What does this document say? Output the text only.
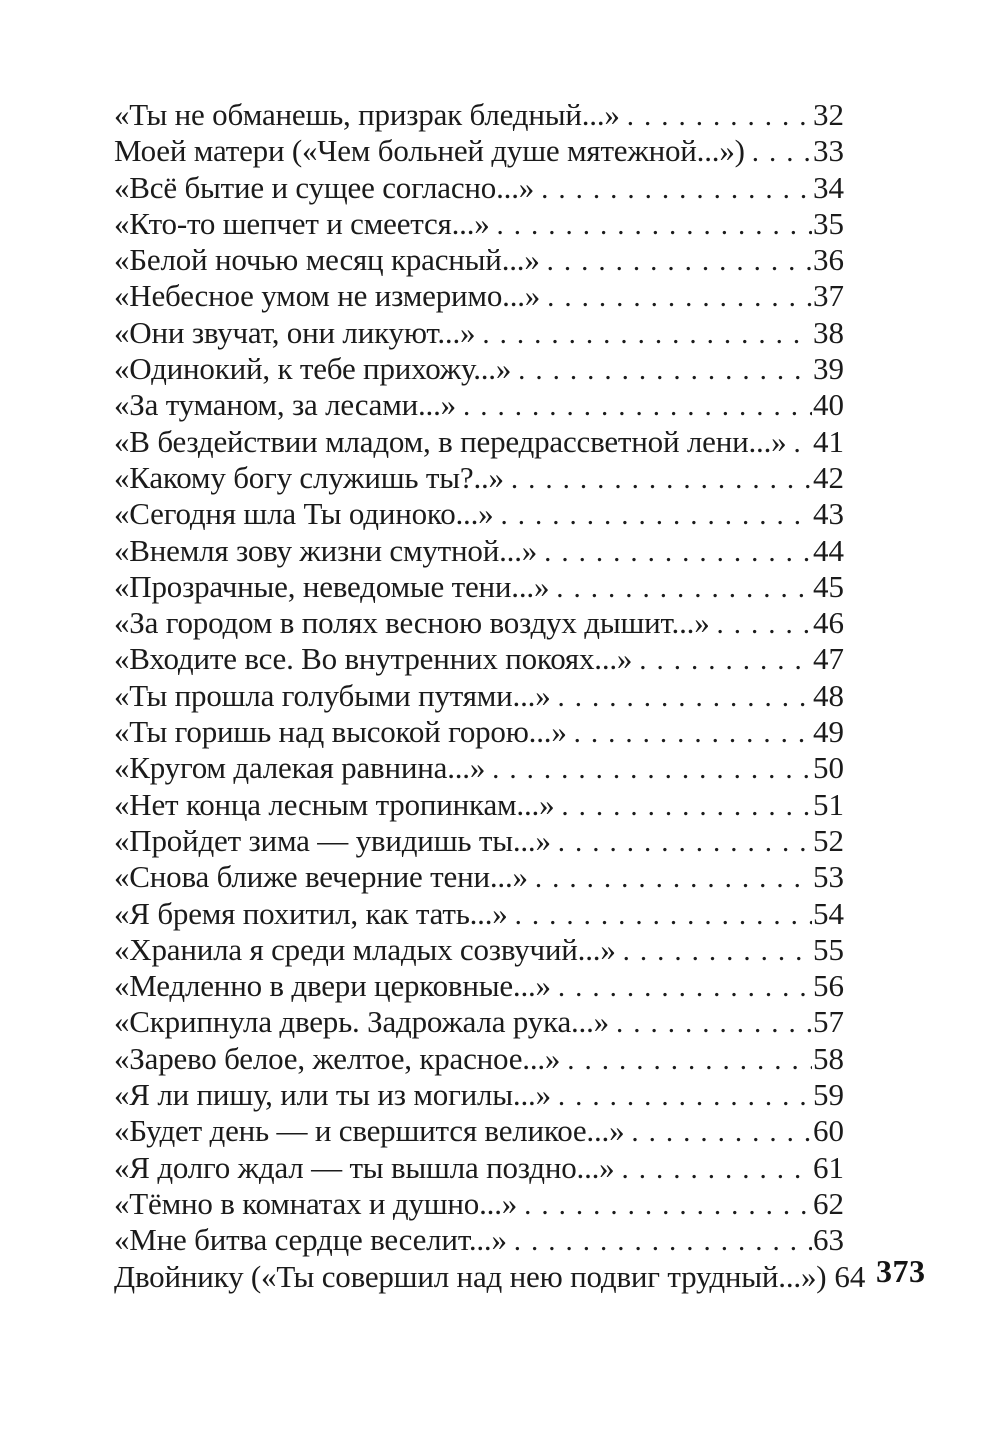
«Ты не обманешь, призрак бледный...» .....	32
Моей матери («Чем больней душе мятежной...») ..... 33
«Всё бытие и сущее согласно...» .....	34
«Кто-то шепчет и смеется...» .....	35
«Белой ночью месяц красный...» .....	36
«Небесное умом не измеримо...» .....	37
«Они звучат, они ликуют...» .....	38
«Одинокий, к тебе прихожу...» .....	39
«За туманом, за лесами...» .....	40
«В бездействии младом, в передрассветной лени...» ..... 41
«Какому богу служишь ты?..» .....	42
«Сегодня шла Ты одиноко...» .....	43
«Внемля зову жизни смутной...» .....	44
«Прозрачные, неведомые тени...» .....	45
«За городом в полях весною воздух дышит...» .....	46
«Входите все. Во внутренних покоях...» .....	47
«Ты прошла голубыми путями...» .....	48
«Ты горишь над высокой горою...» .....	49
«Кругом далекая равнина...» .....	50
«Нет конца лесным тропинкам...» .....	51
«Пройдет зима — увидишь ты...» .....	52
«Снова ближе вечерние тени...» .....	53
«Я бремя похитил, как тать...» .....	54
«Хранила я среди младых созвучий...» .....	55
«Медленно в двери церковные...» .....	56
«Скрипнула дверь. Задрожала рука...» .....	57
«Зарево белое, желтое, красное...» .....	58
«Я ли пишу, или ты из могилы...» .....	59
«Будет день — и свершится великое...» .....	60
«Я долго ждал — ты вышла поздно...» .....	61
«Тёмно в комнатах и душно...» .....	62
«Мне битва сердце веселит...» .....	63
Двойнику («Ты совершил над нею подвиг трудный...») 64 373
